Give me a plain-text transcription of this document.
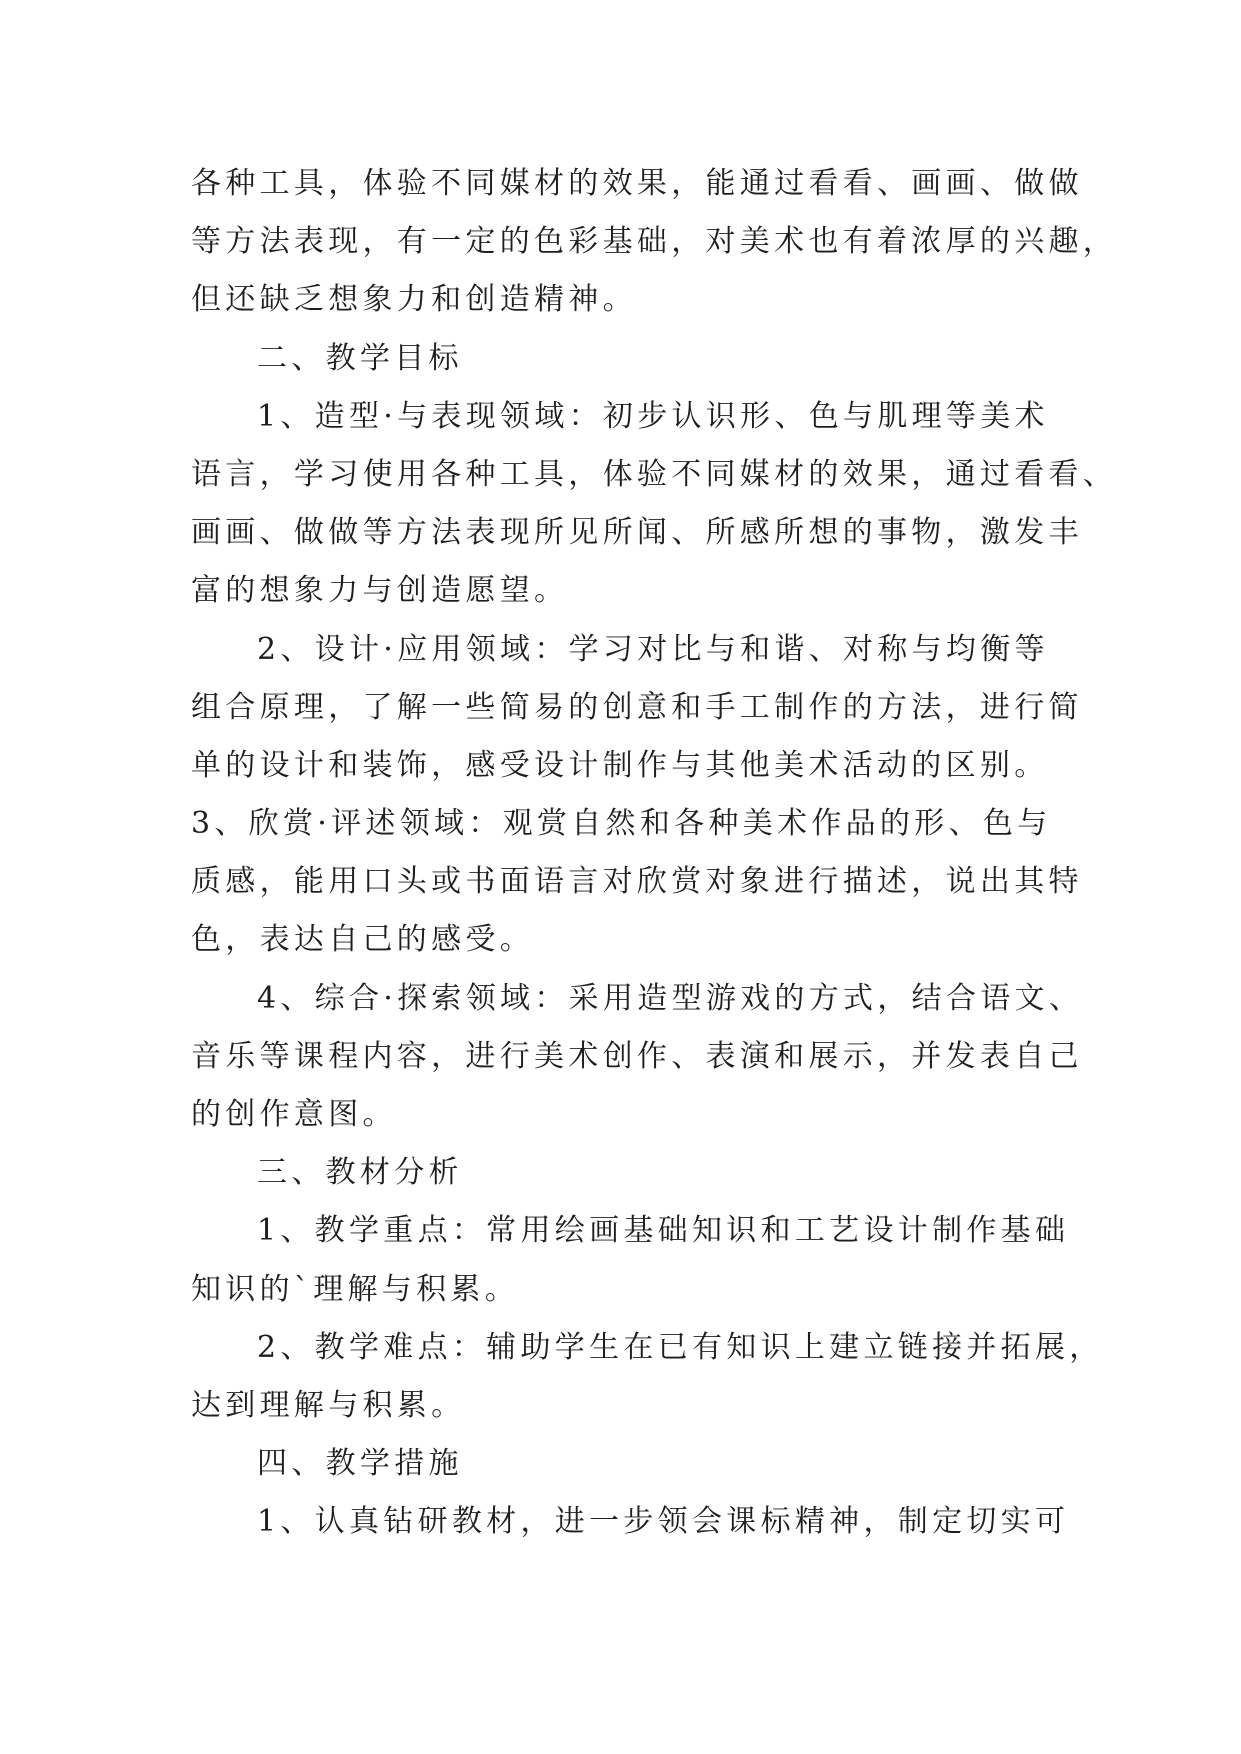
各种工具，体验不同媒材的效果，能通过看看、画画、做做
等方法表现，有一定的色彩基础，对美术也有着浓厚的兴趣，
但还缺乏想象力和创造精神。
二、教学目标
1、造型·与表现领域：初步认识形、色与肌理等美术
语言，学习使用各种工具，体验不同媒材的效果，通过看看、
画画、做做等方法表现所见所闻、所感所想的事物，激发丰
富的想象力与创造愿望。
2、设计·应用领域：学习对比与和谐、对称与均衡等
组合原理，了解一些简易的创意和手工制作的方法，进行简
单的设计和装饰，感受设计制作与其他美术活动的区别。
3、欣赏·评述领域：观赏自然和各种美术作品的形、色与
质感，能用口头或书面语言对欣赏对象进行描述，说出其特
色，表达自己的感受。
4、综合·探索领域：采用造型游戏的方式，结合语文、
音乐等课程内容，进行美术创作、表演和展示，并发表自己
的创作意图。
三、教材分析
1、教学重点：常用绘画基础知识和工艺设计制作基础
知识的`理解与积累。
2、教学难点：辅助学生在已有知识上建立链接并拓展，
达到理解与积累。
四、教学措施
1、认真钻研教材，进一步领会课标精神，制定切实可
